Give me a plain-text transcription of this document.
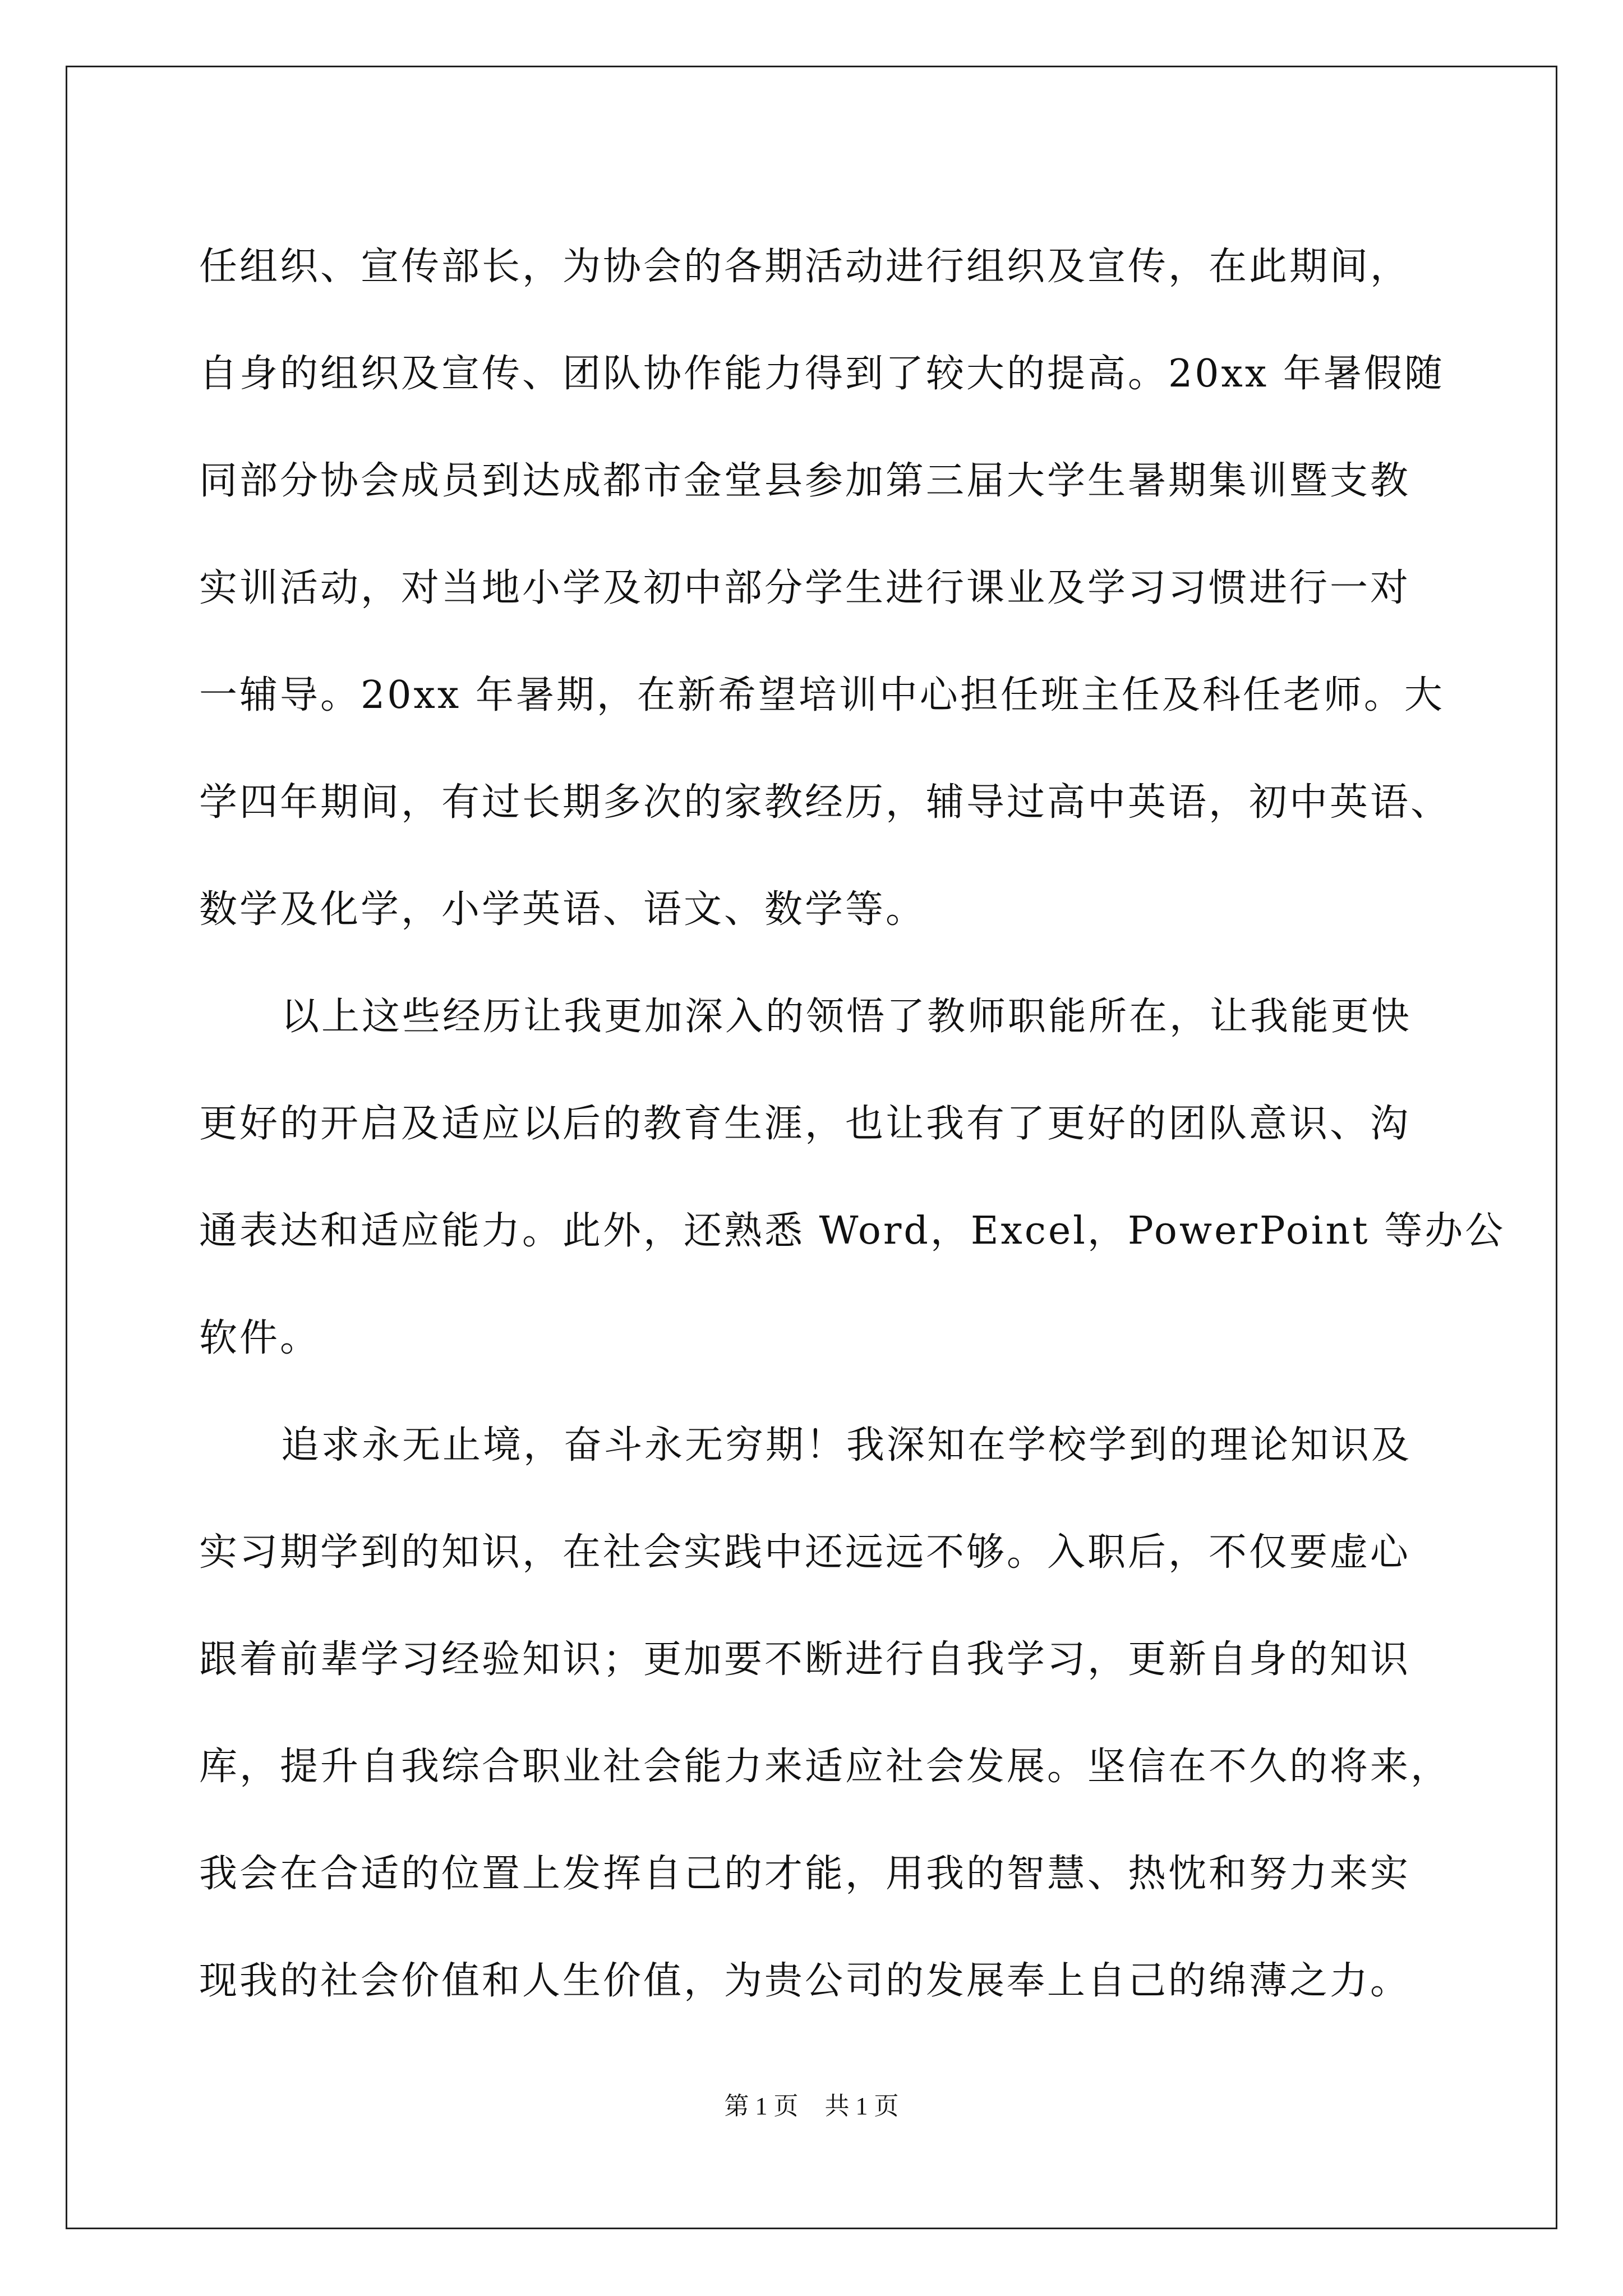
任组织、宣传部长，为协会的各期活动进行组织及宣传，在此期间，
自身的组织及宣传、团队协作能力得到了较大的提高。20xx 年暑假随
同部分协会成员到达成都市金堂县参加第三届大学生暑期集训暨支教
实训活动，对当地小学及初中部分学生进行课业及学习习惯进行一对
一辅导。20xx 年暑期，在新希望培训中心担任班主任及科任老师。大
学四年期间，有过长期多次的家教经历，辅导过高中英语，初中英语、
数学及化学，小学英语、语文、数学等。

以上这些经历让我更加深入的领悟了教师职能所在，让我能更快
更好的开启及适应以后的教育生涯，也让我有了更好的团队意识、沟
通表达和适应能力。此外，还熟悉 Word，Excel，PowerPoint 等办公
软件。

追求永无止境，奋斗永无穷期！我深知在学校学到的理论知识及
实习期学到的知识，在社会实践中还远远不够。入职后，不仅要虚心
跟着前辈学习经验知识；更加要不断进行自我学习，更新自身的知识
库，提升自我综合职业社会能力来适应社会发展。坚信在不久的将来，
我会在合适的位置上发挥自己的才能，用我的智慧、热忱和努力来实
现我的社会价值和人生价值，为贵公司的发展奉上自己的绵薄之力。

第 1 页 共 1 页
